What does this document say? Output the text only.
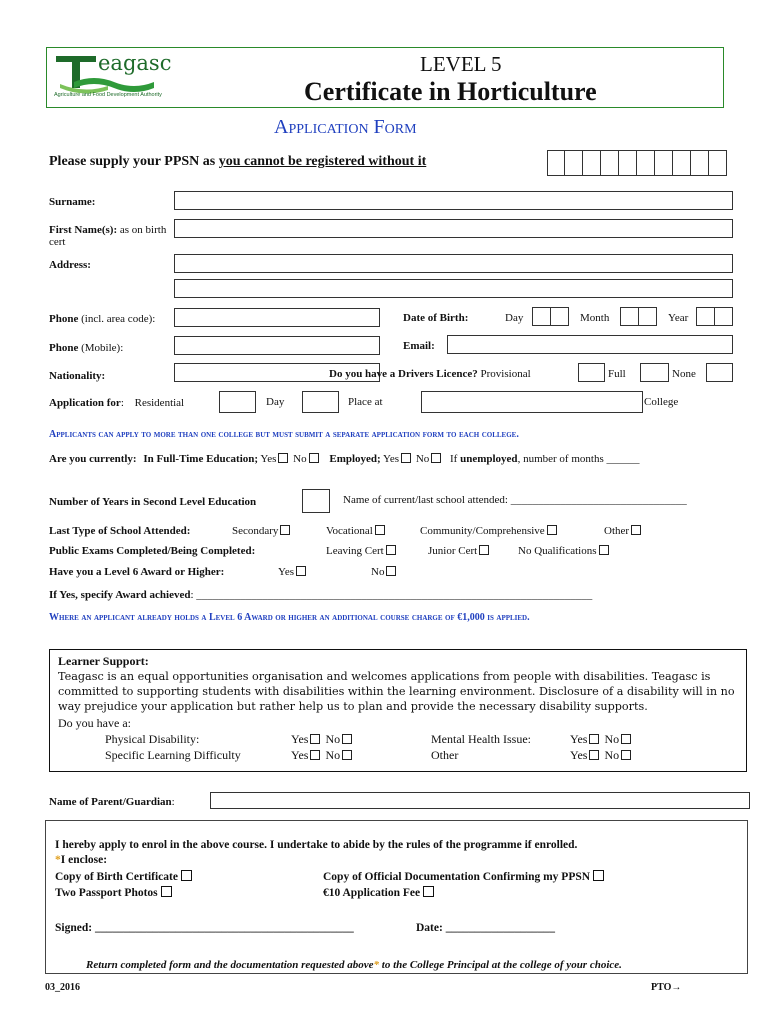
eagasc
Agriculture and Food Development Authority
LEVEL 5
Certificate in Horticulture
Application Form
Please supply your PPSN as you cannot be registered without it
Surname:
First Name(s): as on birth cert
Address:
Phone (incl. area code):	Date of Birth:	Day	Month	Year
Phone (Mobile):	Email:
Nationality:	Do you have a Drivers Licence? Provisional	Full	None
Application for: Residential	Day	Place at	College
Applicants can apply to more than one college but must submit a separate application form to each college.
Are you currently: In Full-Time Education; Yes No Employed; Yes No If unemployed, number of months ______
Number of Years in Second Level Education	Name of current/last school attended: ________________________________
Last Type of School Attended:	Secondary	Vocational	Community/Comprehensive	Other
Public Exams Completed/Being Completed:	Leaving Cert	Junior Cert	No Qualifications
Have you a Level 6 Award or Higher:	Yes	No
If Yes, specify Award achieved: ________________________________________________________________________
Where an applicant already holds a Level 6 Award or higher an additional course charge of €1,000 is applied.
Learner Support:
Teagasc is an equal opportunities organisation and welcomes applications from people with disabilities. Teagasc is committed to supporting students with disabilities within the learning environment. Disclosure of a disability will in no way prejudice your application but rather help us to plan and provide the necessary disability supports.
Do you have a:
Physical Disability:	Yes No	Mental Health Issue:	Yes No
Specific Learning Difficulty	Yes No	Other	Yes No
Name of Parent/Guardian:
I hereby apply to enrol in the above course. I undertake to abide by the rules of the programme if enrolled.
*I enclose:
Copy of Birth Certificate	Copy of Official Documentation Confirming my PPSN
Two Passport Photos	€10 Application Fee
Signed: _____________________________________________	Date: ___________________
Return completed form and the documentation requested above* to the College Principal at the college of your choice.
03_2016	PTO→
